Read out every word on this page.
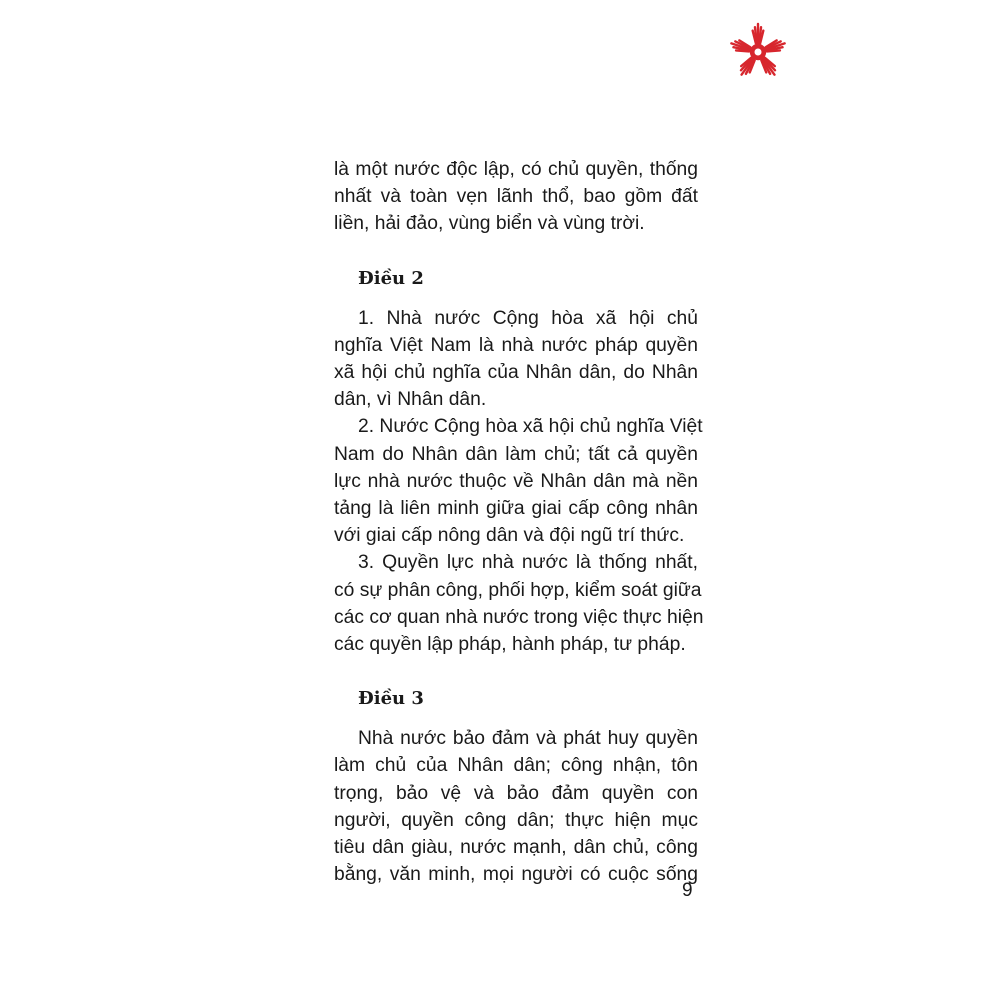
là một nước độc lập, có chủ quyền, thống
nhất và toàn vẹn lãnh thổ, bao gồm đất
liền, hải đảo, vùng biển và vùng trời.
Điều 2
1. Nhà nước Cộng hòa xã hội chủ
nghĩa Việt Nam là nhà nước pháp quyền
xã hội chủ nghĩa của Nhân dân, do Nhân
dân, vì Nhân dân.
2. Nước Cộng hòa xã hội chủ nghĩa Việt
Nam do Nhân dân làm chủ; tất cả quyền
lực nhà nước thuộc về Nhân dân mà nền
tảng là liên minh giữa giai cấp công nhân
với giai cấp nông dân và đội ngũ trí thức.
3. Quyền lực nhà nước là thống nhất,
có sự phân công, phối hợp, kiểm soát giữa
các cơ quan nhà nước trong việc thực hiện
các quyền lập pháp, hành pháp, tư pháp.
Điều 3
Nhà nước bảo đảm và phát huy quyền
làm chủ của Nhân dân; công nhận, tôn
trọng, bảo vệ và bảo đảm quyền con
người, quyền công dân; thực hiện mục
tiêu dân giàu, nước mạnh, dân chủ, công
bằng, văn minh, mọi người có cuộc sống
9
